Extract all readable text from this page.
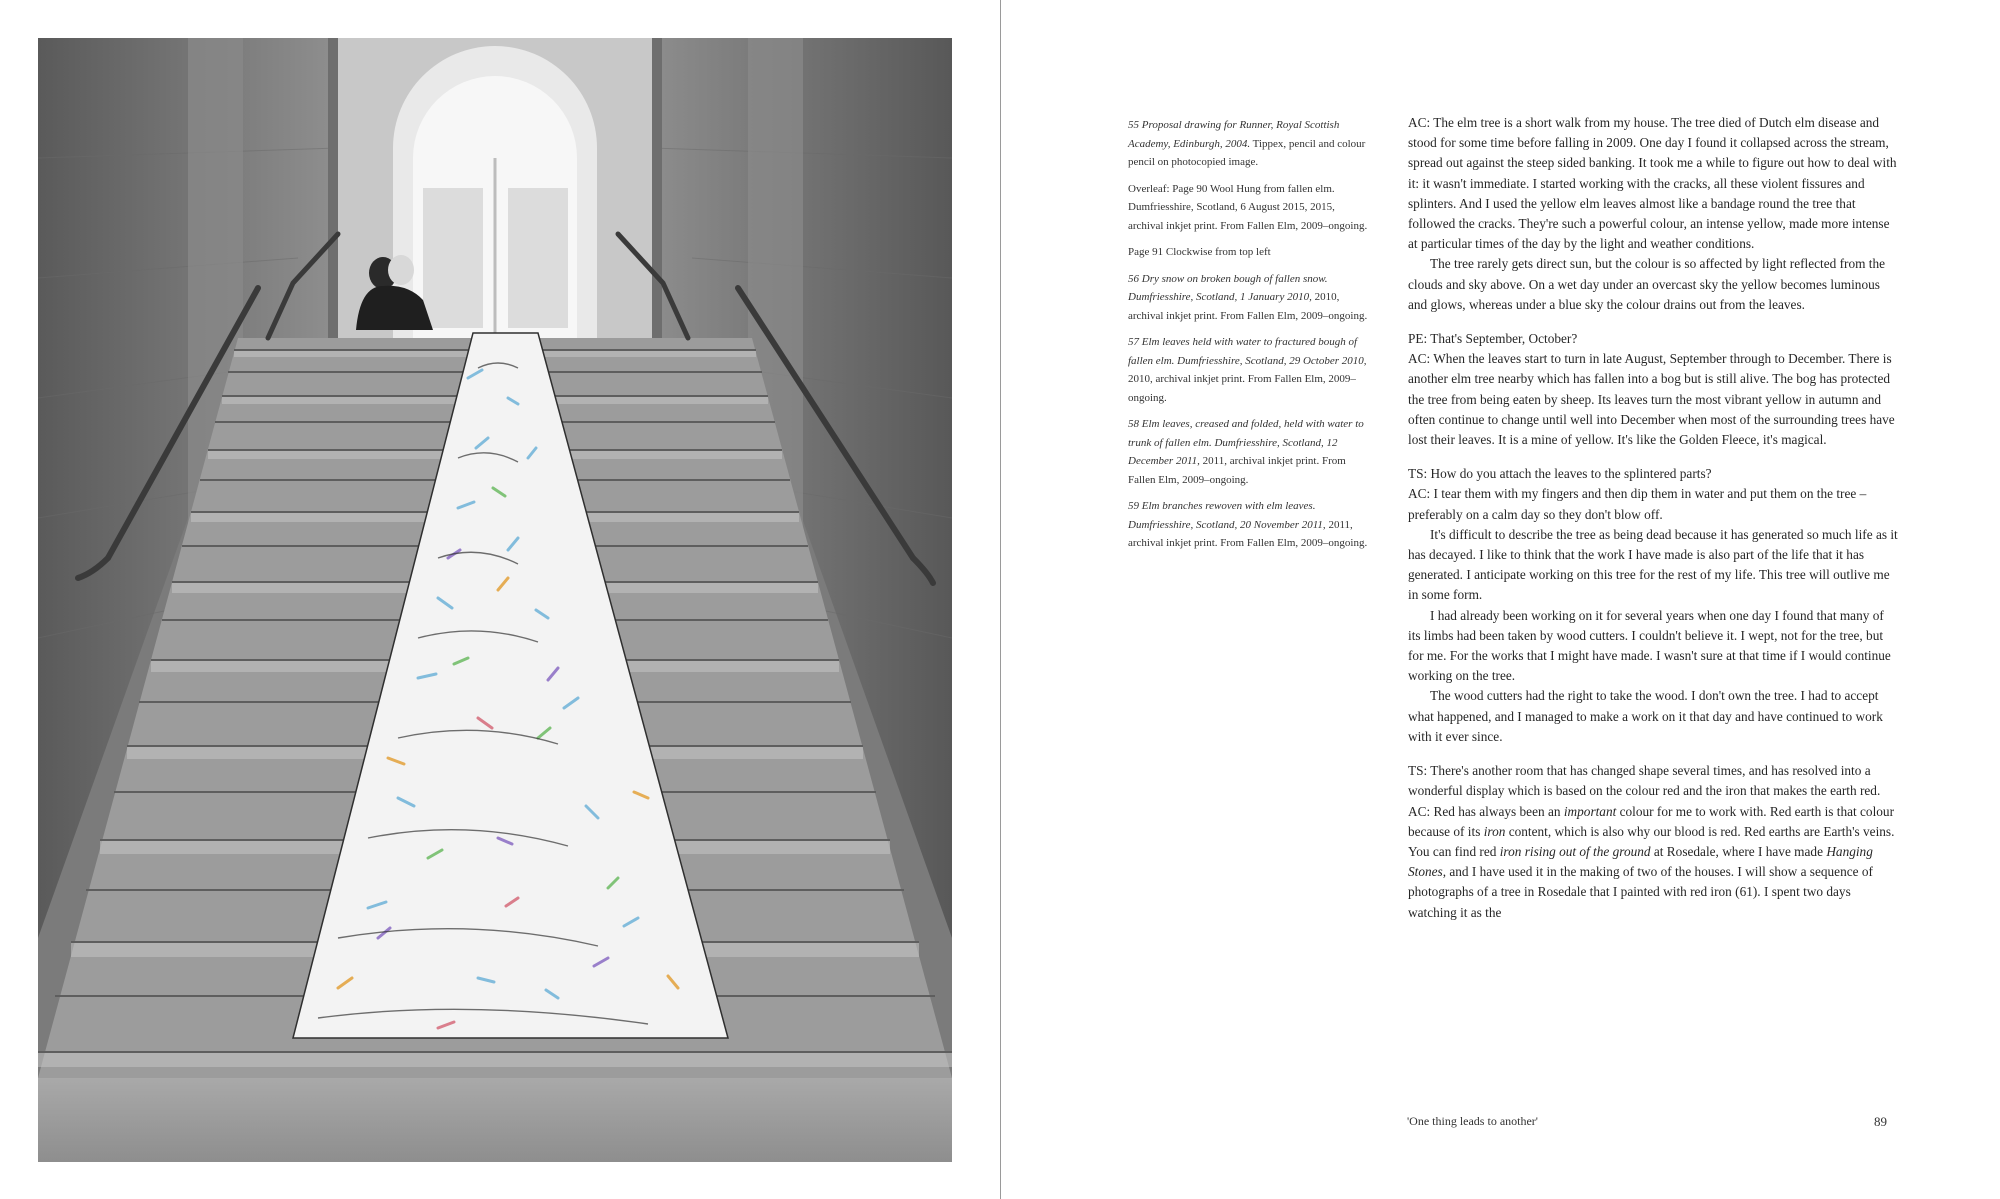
55 Proposal drawing for Runner, Royal Scottish Academy, Edinburgh, 2004. Tippex, pencil and colour pencil on photocopied image.

Overleaf: Page 90 Wool Hung from fallen elm. Dumfriesshire, Scotland, 6 August 2015, 2015, archival inkjet print. From Fallen Elm, 2009–ongoing.

Page 91 Clockwise from top left

56 Dry snow on broken bough of fallen snow. Dumfriesshire, Scotland, 1 January 2010, 2010, archival inkjet print. From Fallen Elm, 2009–ongoing.

57 Elm leaves held with water to fractured bough of fallen elm. Dumfriesshire, Scotland, 29 October 2010, 2010, archival inkjet print. From Fallen Elm, 2009–ongoing.

58 Elm leaves, creased and folded, held with water to trunk of fallen elm. Dumfriesshire, Scotland, 12 December 2011, 2011, archival inkjet print. From Fallen Elm, 2009–ongoing.

59 Elm branches rewoven with elm leaves. Dumfriesshire, Scotland, 20 November 2011, 2011, archival inkjet print. From Fallen Elm, 2009–ongoing.

AC: The elm tree is a short walk from my house. The tree died of Dutch elm disease and stood for some time before falling in 2009. One day I found it collapsed across the stream, spread out against the steep sided banking. It took me a while to figure out how to deal with it: it wasn't immediate. I started working with the cracks, all these violent fissures and splinters. And I used the yellow elm leaves almost like a bandage round the tree that followed the cracks. They're such a powerful colour, an intense yellow, made more intense at particular times of the day by the light and weather conditions.

The tree rarely gets direct sun, but the colour is so affected by light reflected from the clouds and sky above. On a wet day under an overcast sky the yellow becomes luminous and glows, whereas under a blue sky the colour drains out from the leaves.

PE: That's September, October?

AC: When the leaves start to turn in late August, September through to December. There is another elm tree nearby which has fallen into a bog but is still alive. The bog has protected the tree from being eaten by sheep. Its leaves turn the most vibrant yellow in autumn and often continue to change until well into December when most of the surrounding trees have lost their leaves. It is a mine of yellow. It's like the Golden Fleece, it's magical.

TS: How do you attach the leaves to the splintered parts?

AC: I tear them with my fingers and then dip them in water and put them on the tree – preferably on a calm day so they don't blow off.

It's difficult to describe the tree as being dead because it has generated so much life as it has decayed. I like to think that the work I have made is also part of the life that it has generated. I anticipate working on this tree for the rest of my life. This tree will outlive me in some form.

I had already been working on it for several years when one day I found that many of its limbs had been taken by wood cutters. I couldn't believe it. I wept, not for the tree, but for me. For the works that I might have made. I wasn't sure at that time if I would continue working on the tree.

The wood cutters had the right to take the wood. I don't own the tree. I had to accept what happened, and I managed to make a work on it that day and have continued to work with it ever since.

TS: There's another room that has changed shape several times, and has resolved into a wonderful display which is based on the colour red and the iron that makes the earth red.

AC: Red has always been an important colour for me to work with. Red earth is that colour because of its iron content, which is also why our blood is red. Red earths are Earth's veins. You can find red iron rising out of the ground at Rosedale, where I have made Hanging Stones, and I have used it in the making of two of the houses. I will show a sequence of photographs of a tree in Rosedale that I painted with red iron (61). I spent two days watching it as the

'One thing leads to another'	89
